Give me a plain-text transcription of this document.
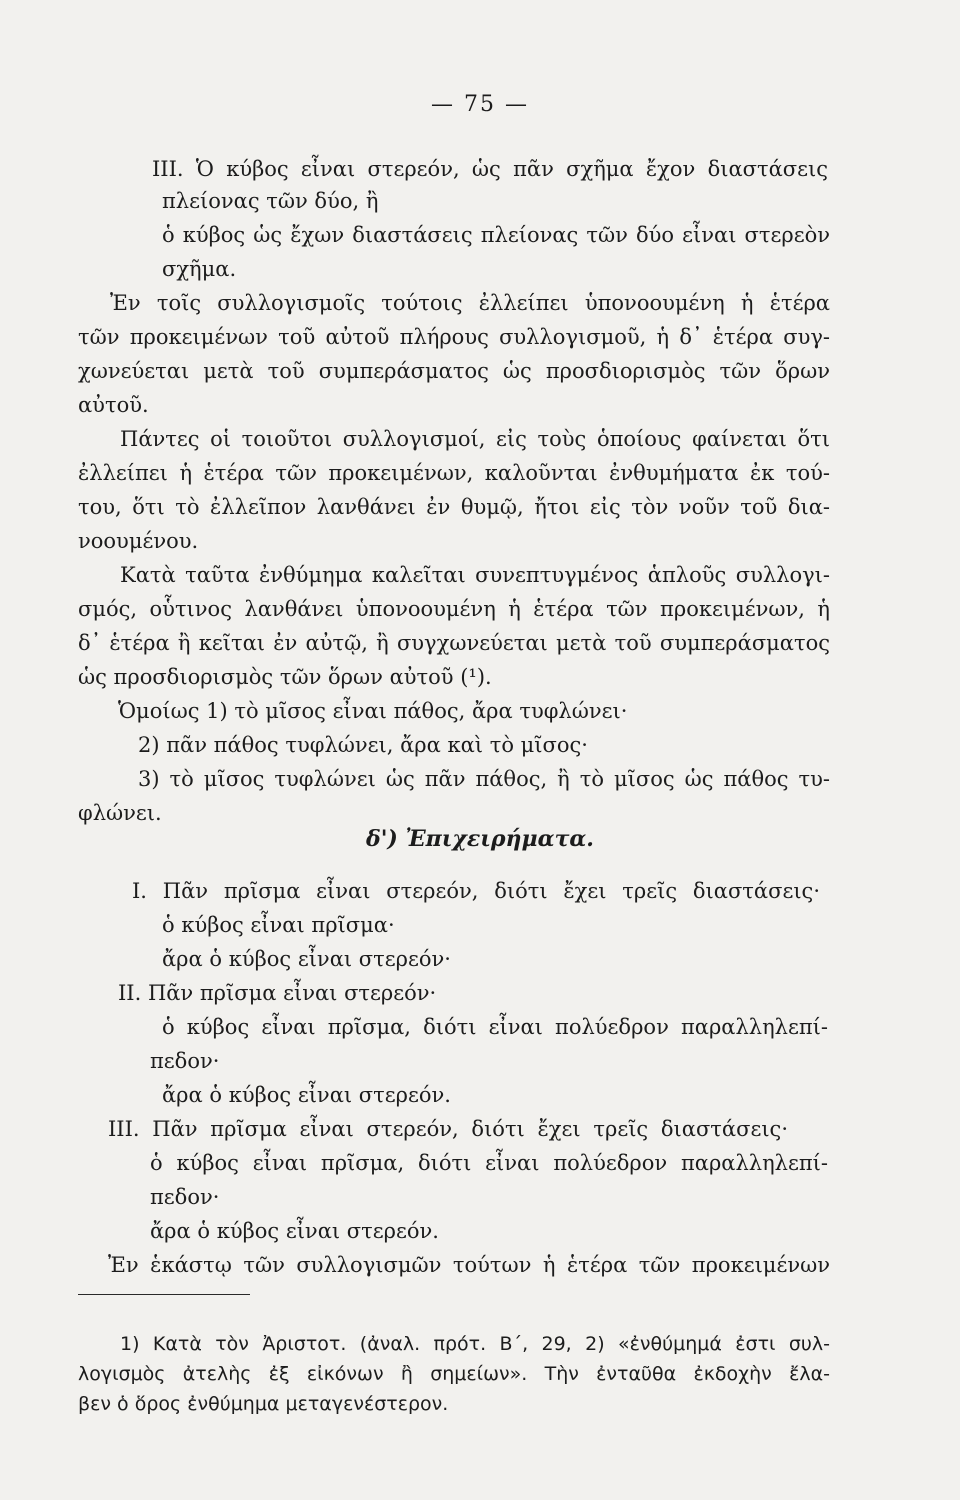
— 75 —
ΙΙΙ. Ὁ κύβος εἶναι στερεόν, ὡς πᾶν σχῆμα ἔχον διαστάσεις
πλείονας τῶν δύο, ἢ
ὁ κύβος ὡς ἔχων διαστάσεις πλείονας τῶν δύο εἶναι στερεὸν
σχῆμα.
Ἐν τοῖς συλλογισμοῖς τούτοις ἐλλείπει ὑπονοουμένη ἡ ἑτέρα
τῶν προκειμένων τοῦ αὐτοῦ πλήρους συλλογισμοῦ, ἡ δ᾽ ἑτέρα συγ-
χωνεύεται μετὰ τοῦ συμπεράσματος ὡς προσδιορισμὸς τῶν ὅρων
αὐτοῦ.
Πάντες οἱ τοιοῦτοι συλλογισμοί, εἰς τοὺς ὁποίους φαίνεται ὅτι
ἐλλείπει ἡ ἑτέρα τῶν προκειμένων, καλοῦνται ἐνθυμήματα ἐκ τού-
του, ὅτι τὸ ἐλλεῖπον λανθάνει ἐν θυμῷ, ἤτοι εἰς τὸν νοῦν τοῦ δια-
νοουμένου.
Κατὰ ταῦτα ἐνθύμημα καλεῖται συνεπτυγμένος ἁπλοῦς συλλογι-
σμός, οὗτινος λανθάνει ὑπονοουμένη ἡ ἑτέρα τῶν προκειμένων, ἡ
δ᾽ ἑτέρα ἢ κεῖται ἐν αὐτῷ, ἢ συγχωνεύεται μετὰ τοῦ συμπεράσματος
ὡς προσδιορισμὸς τῶν ὅρων αὐτοῦ (¹).
Ὁμοίως 1) τὸ μῖσος εἶναι πάθος, ἄρα τυφλώνει·
2) πᾶν πάθος τυφλώνει, ἄρα καὶ τὸ μῖσος·
3) τὸ μῖσος τυφλώνει ὡς πᾶν πάθος, ἢ τὸ μῖσος ὡς πάθος τυ-
φλώνει.
δ') Ἐπιχειρήματα.
I. Πᾶν πρῖσμα εἶναι στερεόν, διότι ἔχει τρεῖς διαστάσεις·
ὁ κύβος εἶναι πρῖσμα·
ἄρα ὁ κύβος εἶναι στερεόν·
II. Πᾶν πρῖσμα εἶναι στερεόν·
ὁ κύβος εἶναι πρῖσμα, διότι εἶναι πολύεδρον παραλληλεπί-
πεδον·
ἄρα ὁ κύβος εἶναι στερεόν.
III. Πᾶν πρῖσμα εἶναι στερεόν, διότι ἔχει τρεῖς διαστάσεις·
ὁ κύβος εἶναι πρῖσμα, διότι εἶναι πολύεδρον παραλληλεπί-
πεδον·
ἄρα ὁ κύβος εἶναι στερεόν.
Ἐν ἑκάστῳ τῶν συλλογισμῶν τούτων ἡ ἑτέρα τῶν προκειμένων
1) Κατὰ τὸν Ἀριστοτ. (ἀναλ. πρότ. Β΄, 29, 2) «ἐνθύμημά ἐστι συλ-
λογισμὸς ἀτελὴς ἐξ εἰκόνων ἢ σημείων». Τὴν ἐνταῦθα ἐκδοχὴν ἔλα-
βεν ὁ ὅρος ἐνθύμημα μεταγενέστερον.
